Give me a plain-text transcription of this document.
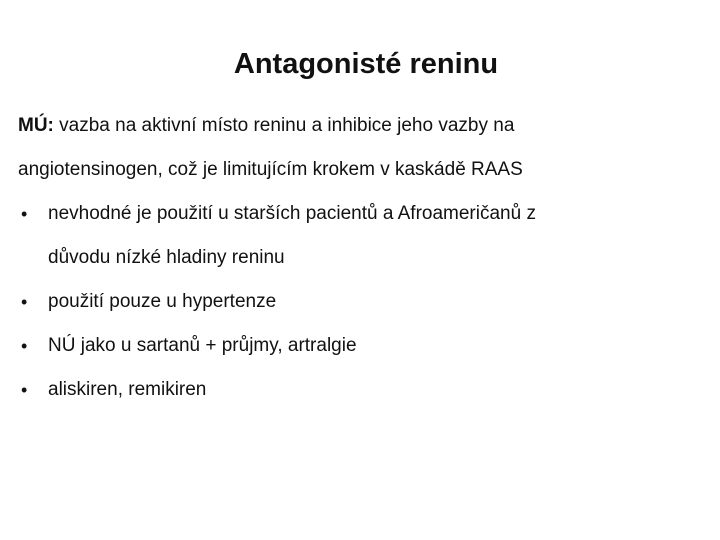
Antagonisté reninu
MÚ: vazba na aktivní místo reninu a inhibice jeho vazby na
angiotensinogen, což je limitujícím krokem v kaskádě RAAS
• nevhodné je použití u starších pacientů a Afroameričanů z
důvodu nízké hladiny reninu
• použití pouze u hypertenze
• NÚ jako u sartanů + průjmy, artralgie
• aliskiren, remikiren
